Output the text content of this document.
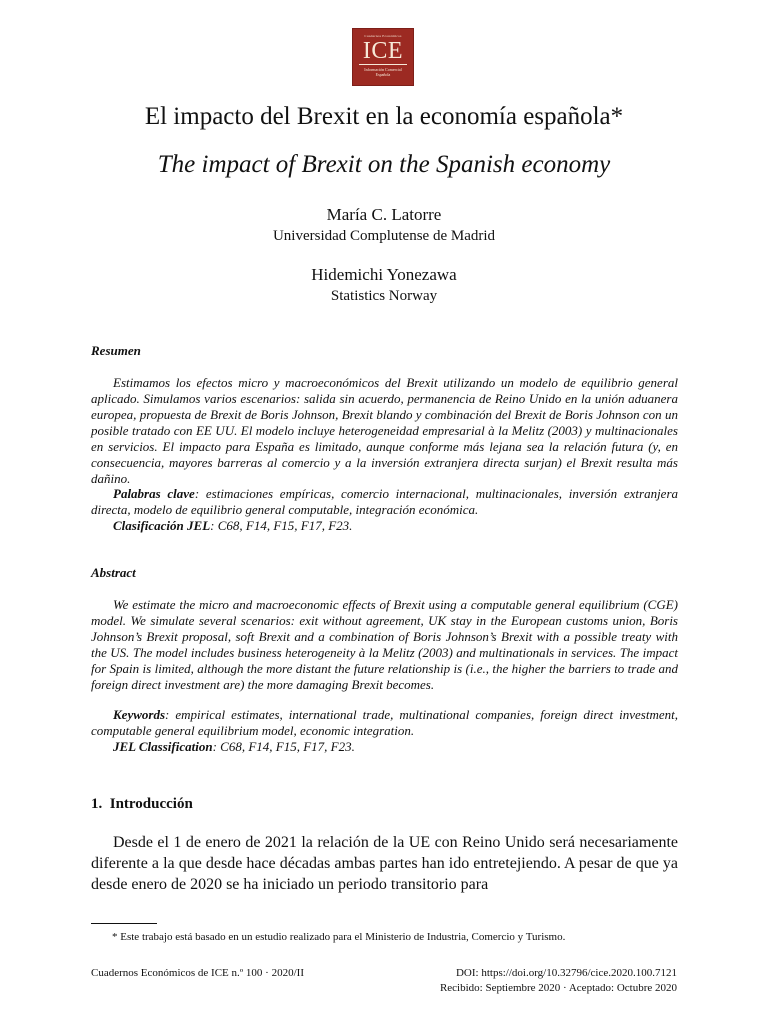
Cuadernos Económicos
ICE
Información Comercial
Española
El impacto del Brexit en la economía española*
The impact of Brexit on the Spanish economy
María C. Latorre
Universidad Complutense de Madrid
Hidemichi Yonezawa
Statistics Norway
Resumen

Estimamos los efectos micro y macroeconómicos del Brexit utilizando un modelo de equilibrio general aplicado. Simulamos varios escenarios: salida sin acuerdo, permanencia de Reino Unido en la unión aduanera europea, propuesta de Brexit de Boris Johnson, Brexit blando y combinación del Brexit de Boris Johnson con un posible tratado con EE UU. El modelo incluye heterogeneidad empresarial à la Melitz (2003) y multinacionales en servicios. El impacto para España es limitado, aunque conforme más lejana sea la relación futura (y, en consecuencia, mayores barreras al comercio y a la inversión extranjera directa surjan) el Brexit resulta más dañino.

Palabras clave: estimaciones empíricas, comercio internacional, multinacionales, inversión extranjera directa, modelo de equilibrio general computable, integración económica.

Clasificación JEL: C68, F14, F15, F17, F23.

Abstract

We estimate the micro and macroeconomic effects of Brexit using a computable general equilibrium (CGE) model. We simulate several scenarios: exit without agreement, UK stay in the European customs union, Boris Johnson’s Brexit proposal, soft Brexit and a combination of Boris Johnson’s Brexit with a possible treaty with the US. The model includes business heterogeneity à la Melitz (2003) and multinationals in services. The impact for Spain is limited, although the more distant the future relationship is (i.e., the higher the barriers to trade and foreign direct investment are) the more damaging Brexit becomes.

Keywords: empirical estimates, international trade, multinational companies, foreign direct investment, computable general equilibrium model, economic integration.

JEL Classification: C68, F14, F15, F17, F23.

1. Introducción

Desde el 1 de enero de 2021 la relación de la UE con Reino Unido será necesariamente diferente a la que desde hace décadas ambas partes han ido entretejiendo. A pesar de que ya desde enero de 2020 se ha iniciado un periodo transitorio para

* Este trabajo está basado en un estudio realizado para el Ministerio de Industria, Comercio y Turismo.
Cuadernos Económicos de ICE n.º 100 · 2020/II	DOI: https://doi.org/10.32796/cice.2020.100.7121
Recibido: Septiembre 2020 · Aceptado: Octubre 2020
